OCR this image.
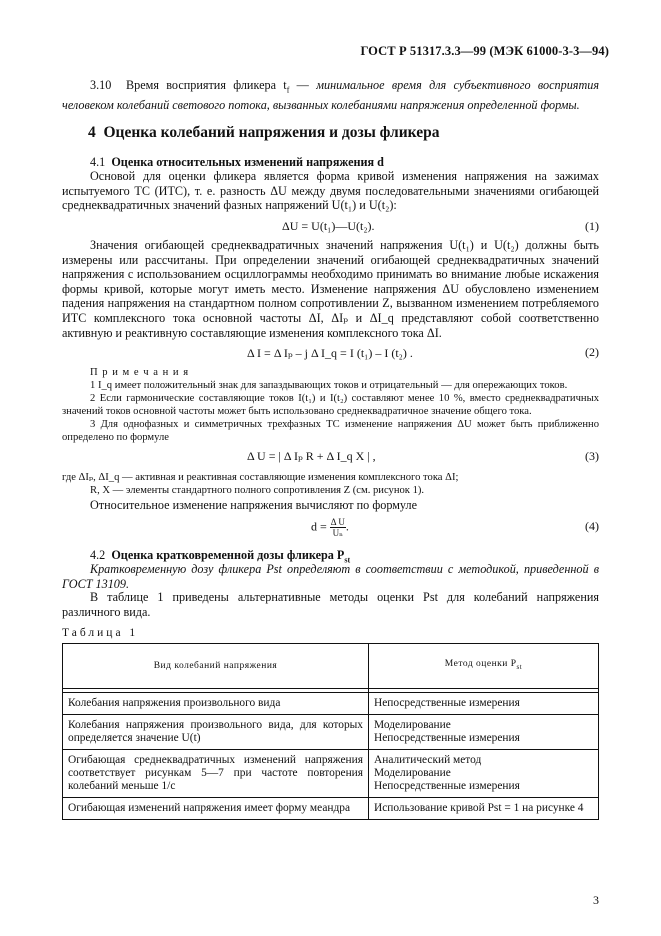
ГОСТ Р 51317.3.3—99 (МЭК 61000-3-3—94)

3.10 Время восприятия фликера $t_f$ — минимальное время для субъективного восприятия человеком колебаний светового потока, вызванных колебаниями напряжения определенной формы.

4 Оценка колебаний напряжения и дозы фликера

4.1 Оценка относительных изменений напряжения d

Основой для оценки фликера является форма кривой изменения напряжения на зажимах испытуемого ТС (ИТС), т. е. разность ΔU между двумя последовательными значениями огибающей среднеквадратичных значений фазных напряжений U(t₁) и U(t₂):

ΔU = U(t₁)—U(t₂).	(1)

Значения огибающей среднеквадратичных значений напряжения U(t₁) и U(t₂) должны быть измерены или рассчитаны. При определении значений огибающей среднеквадратичных значений напряжения с использованием осциллограммы необходимо принимать во внимание любые искажения формы кривой, которые могут иметь место. Изменение напряжения ΔU обусловлено изменением падения напряжения на стандартном полном сопротивлении Z, вызванном изменением потребляемого ИТС комплексного тока основной частоты ΔI, ΔIₚ и ΔI_q представляют собой соответственно активную и реактивную составляющие изменения комплексного тока ΔI.

Δ I = Δ Iₚ – j Δ I_q = I (t₁) – I (t₂) .	(2)

П р и м е ч а н и я

1 I_q имеет положительный знак для запаздывающих токов и отрицательный — для опережающих токов.

2 Если гармонические составляющие токов I(t₁) и I(t₂) составляют менее 10 %, вместо среднеквадратичных значений токов основной частоты может быть использовано среднеквадратичное значение общего тока.

3 Для однофазных и симметричных трехфазных ТС изменение напряжения ΔU может быть приближенно определено по формуле

Δ U = | Δ Iₚ R + Δ I_q X | ,	(3)

где ΔIₚ, ΔI_q — активная и реактивная составляющие изменения комплексного тока ΔI;

R, X — элементы стандартного полного сопротивления Z (см. рисунок 1).

Относительное изменение напряжения вычисляют по формуле

$d = \frac{\text{Δ U}}{\text{Uₙ}}$ .	(4)

4.2 Оценка кратковременной дозы фликера $P_{st}$

Кратковременную дозу фликера Pst определяют в соответствии с методикой, приведенной в ГОСТ 13109.

В таблице 1 приведены альтернативные методы оценки Pst для колебаний напряжения различного вида.

Таблица 1
Вид колебаний напряжения	Метод оценки $P_{st}$

Колебания напряжения произвольного вида	Непосредственные измерения

Колебания напряжения произвольного вида, для которых определяется значение U(t)	Моделирование
Непосредственные измерения

Огибающая среднеквадратичных изменений напряжения соответствует рисункам 5—7 при частоте повторения колебаний меньше 1/с	Аналитический метод
Моделирование
Непосредственные измерения

Огибающая изменений напряжения имеет форму меандра	Использование кривой Pst = 1 на рисунке 4
3
